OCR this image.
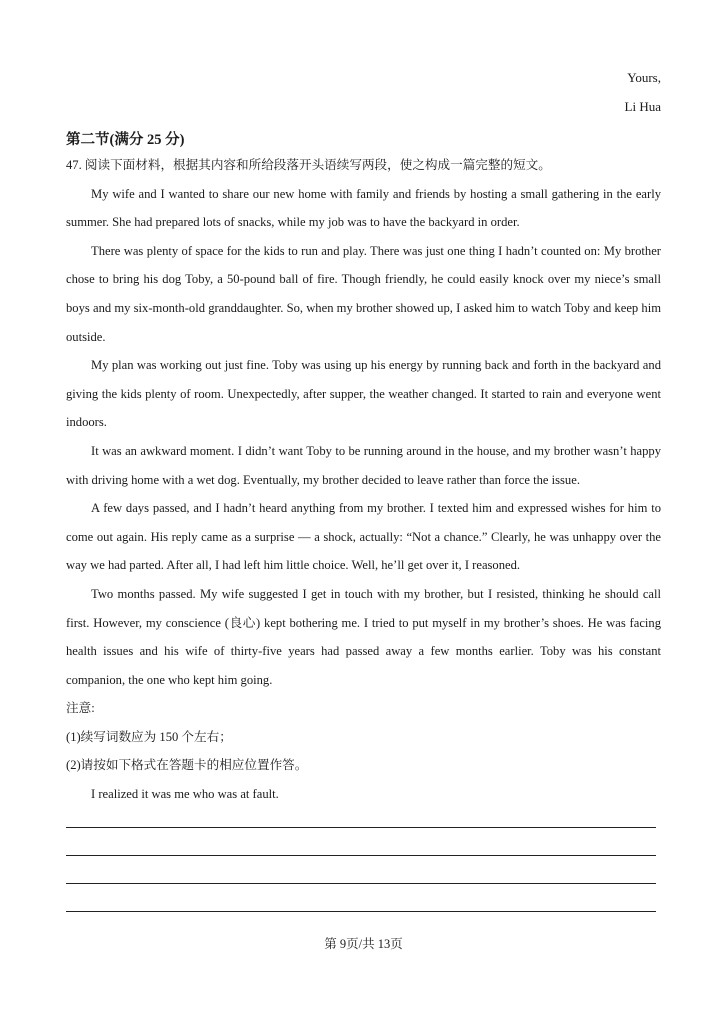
Yours,
Li Hua
第二节(满分 25 分)

47. 阅读下面材料，根据其内容和所给段落开头语续写两段，使之构成一篇完整的短文。

My wife and I wanted to share our new home with family and friends by hosting a small gathering in the early summer. She had prepared lots of snacks, while my job was to have the backyard in order.

There was plenty of space for the kids to run and play. There was just one thing I hadn’t counted on: My brother chose to bring his dog Toby, a 50-pound ball of fire. Though friendly, he could easily knock over my niece’s small boys and my six-month-old granddaughter. So, when my brother showed up, I asked him to watch Toby and keep him outside.

My plan was working out just fine. Toby was using up his energy by running back and forth in the backyard and giving the kids plenty of room. Unexpectedly, after supper, the weather changed. It started to rain and everyone went indoors.

It was an awkward moment. I didn’t want Toby to be running around in the house, and my brother wasn’t happy with driving home with a wet dog. Eventually, my brother decided to leave rather than force the issue.

A few days passed, and I hadn’t heard anything from my brother. I texted him and expressed wishes for him to come out again. His reply came as a surprise — a shock, actually: “Not a chance.” Clearly, he was unhappy over the way we had parted. After all, I had left him little choice. Well, he’ll get over it, I reasoned.

Two months passed. My wife suggested I get in touch with my brother, but I resisted, thinking he should call first. However, my conscience (良心) kept bothering me. I tried to put myself in my brother’s shoes. He was facing health issues and his wife of thirty-five years had passed away a few months earlier. Toby was his constant companion, the one who kept him going.

注意:

(1)续写词数应为 150 个左右；

(2)请按如下格式在答题卡的相应位置作答。

I realized it was me who was at fault.

第 9页/共 13页
